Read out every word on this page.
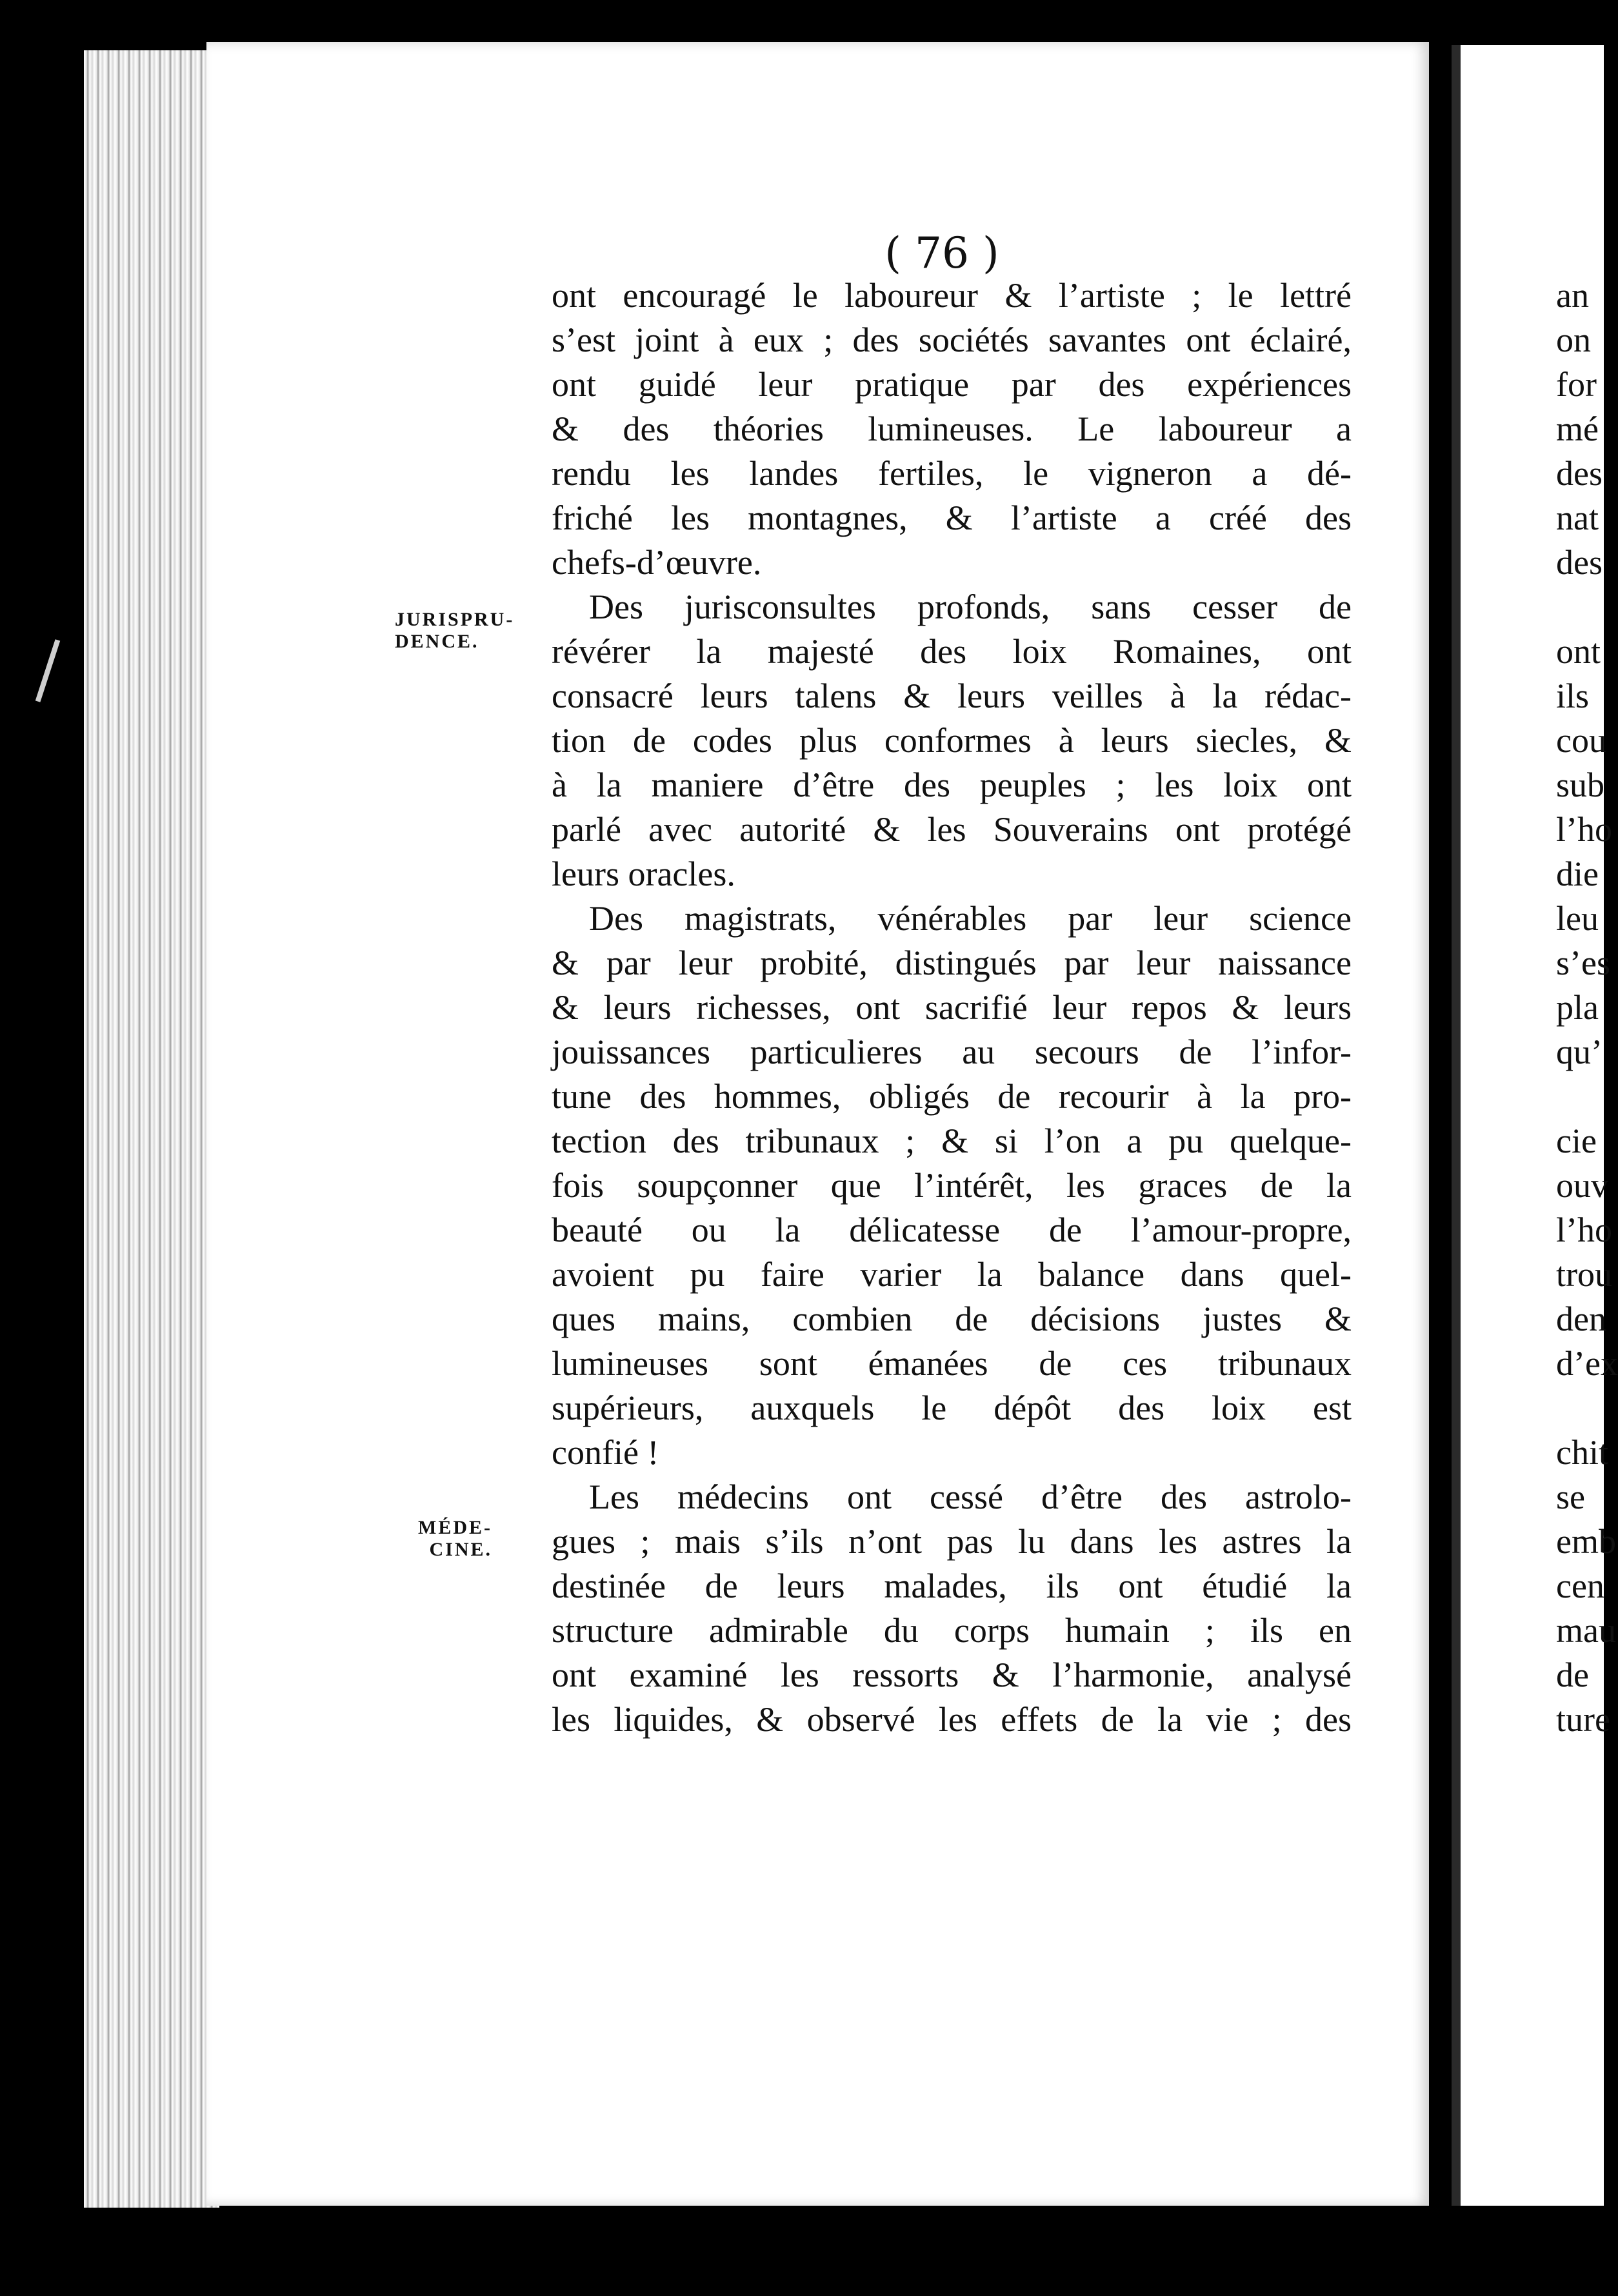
( 76 )
JURISPRU-
DENCE.
MÉDE-
CINE.

ont encouragé le laboureur & l’artiste ; le lettré

s’est joint à eux ; des sociétés savantes ont éclairé,

ont guidé leur pratique par des expériences

& des théories lumineuses. Le laboureur a

rendu les landes fertiles, le vigneron a dé-

friché les montagnes, & l’artiste a créé des

chefs-d’œuvre.

Des jurisconsultes profonds, sans cesser de

révérer la majesté des loix Romaines, ont

consacré leurs talens & leurs veilles à la rédac-

tion de codes plus conformes à leurs siecles, &

à la maniere d’être des peuples ; les loix ont

parlé avec autorité & les Souverains ont protégé

leurs oracles.

Des magistrats, vénérables par leur science

& par leur probité, distingués par leur naissance

& leurs richesses, ont sacrifié leur repos & leurs

jouissances particulieres au secours de l’infor-

tune des hommes, obligés de recourir à la pro-

tection des tribunaux ; & si l’on a pu quelque-

fois soupçonner que l’intérêt, les graces de la

beauté ou la délicatesse de l’amour-propre,

avoient pu faire varier la balance dans quel-

ques mains, combien de décisions justes &

lumineuses sont émanées de ces tribunaux

supérieurs, auxquels le dépôt des loix est

confié !

Les médecins ont cessé d’être des astrolo-

gues ; mais s’ils n’ont pas lu dans les astres la

destinée de leurs malades, ils ont étudié la

structure admirable du corps humain ; ils en

ont examiné les ressorts & l’harmonie, analysé

les liquides, & observé les effets de la vie ; des

an
on
for
mé
des
nat
des
ont
ils
cou
sub
l’ho
die
leu
s’es
pla
qu’
cie
ouv
l’ho
trou
den
d’ex
chit
se
emb
cen
mau
de
ture
